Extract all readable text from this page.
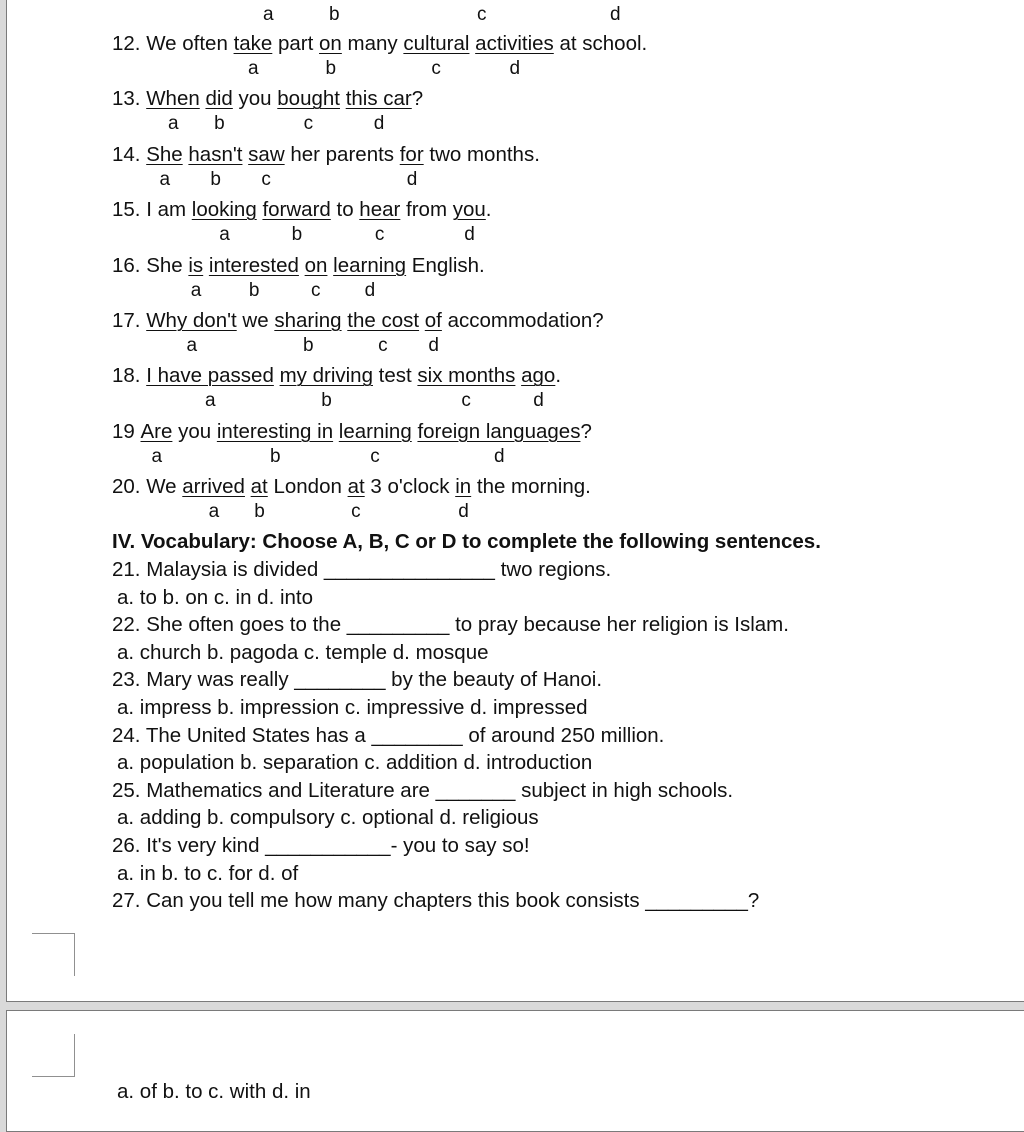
a	b	c	d
12. We often take part on many cultural
activities at school.
a	b	c	d
13. When
did you bought
this car ?
a b	c	d
14. She
hasn't
saw her parents for two months.
a b c	d
15. I am looking
forward to hear from you .
a	b	c	d
16. She is
interested
on
learning English.
a	b	c d
17. Why don't we sharing
the cost
of accommodation?
a	b	c d
18. I have passed
my driving test six months
ago .
a	b	c	d
19 Are you interesting in
learning
foreign languages ?
a	b	c	d
20. We arrived
at London at 3 o'clock in the morning.
a b	c	d
IV. Vocabulary: Choose A, B, C or D to complete the following sentences.
21. Malaysia is divided _______________ two regions.
a. to b. on c. in d. into
22. She often goes to the _________ to pray because her religion is Islam.
a. church b. pagoda c. temple d. mosque
23. Mary was really ________ by the beauty of Hanoi.
a. impress b. impression c. impressive d. impressed
24. The United States has a ________ of around 250 million.
a. population b. separation c. addition d. introduction
25. Mathematics and Literature are _______ subject in high schools.
a. adding b. compulsory c. optional d. religious
26. It's very kind ___________- you to say so!
a. in b. to c. for d. of
27. Can you tell me how many chapters this book consists _________?
a. of b. to c. with d. in
